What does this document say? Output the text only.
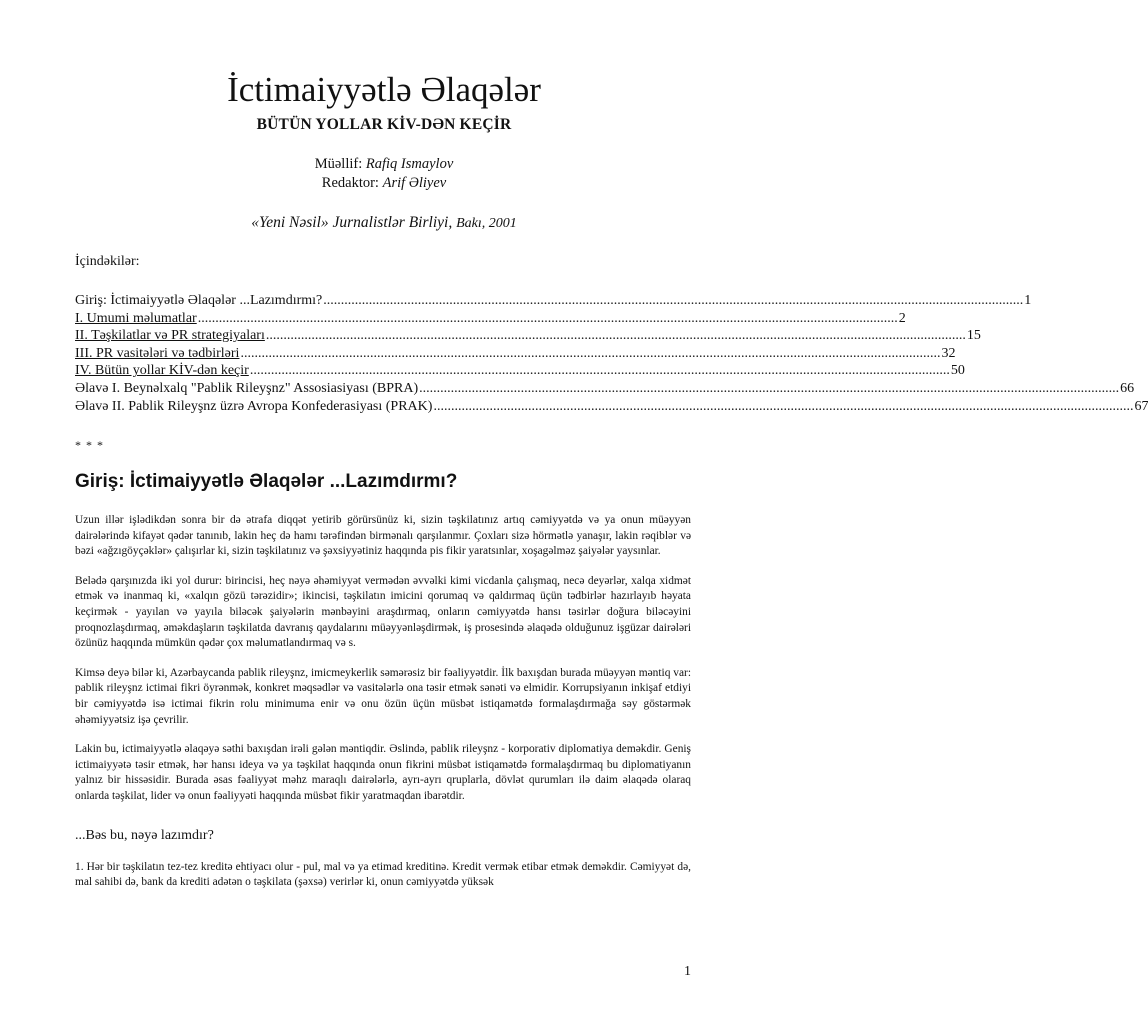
İctimaiyyətlə Əlaqələr
BÜTÜN YOLLAR KİV-DƏN KEÇİR
Müəllif: Rafiq Ismaylov
Redaktor: Arif Əliyev
«Yeni Nəsil» Jurnalistlər Birliyi, Bakı, 2001
İçindəkilər:
Giriş: İctimaiyyətlə Əlaqələr ...Lazımdırmı? ........................................................................................................................................................................................................ 1
I. Umumi məlumatlar ........................................................................................................................................................................................................ 2
II. Təşkilatlar və PR strategiyaları ........................................................................................................................................................................................................ 15
III. PR vasitələri və tədbirləri ........................................................................................................................................................................................................ 32
IV. Bütün yollar KİV-dən keçir ........................................................................................................................................................................................................ 50
Əlavə I. Beynəlxalq "Pablik Rileyşnz" Assosiasiyası (BPRA) ........................................................................................................................................................................................................ 66
Əlavə II. Pablik Rileyşnz üzrə Avropa Konfederasiyası (PRAK) ........................................................................................................................................................................................................ 67
* * *
Giriş: İctimaiyyətlə Əlaqələr ...Lazımdırmı?

Uzun illər işlədikdən sonra bir də ətrafa diqqət yetirib görürsünüz ki, sizin təşkilatınız artıq cəmiyyətdə və ya onun müəyyən dairələrində kifayət qədər tanınıb, lakin heç də hamı tərəfindən birmənalı qarşılanmır. Çoxları sizə hörmətlə yanaşır, lakin rəqiblər və bəzi «ağzıgöyçəklər» çalışırlar ki, sizin təşkilatınız və şəxsiyyətiniz haqqında pis fikir yaratsınlar, xoşagəlməz şaiyələr yaysınlar.

Belədə qarşınızda iki yol durur: birincisi, heç nəyə əhəmiyyət vermədən əvvəlki kimi vicdanla çalışmaq, necə deyərlər, xalqa xidmət etmək və inanmaq ki, «xalqın gözü tərəzidir»; ikincisi, təşkilatın imicini qorumaq və qaldırmaq üçün tədbirlər hazırlayıb həyata keçirmək - yayılan və yayıla biləcək şaiyələrin mənbəyini araşdırmaq, onların cəmiyyətdə hansı təsirlər doğura biləcəyini proqnozlaşdırmaq, əməkdaşların təşkilatda davranış qaydalarını müəyyənləşdirmək, iş prosesində əlaqədə olduğunuz işgüzar dairələri özünüz haqqında mümkün qədər çox məlumatlandırmaq və s.

Kimsə deyə bilər ki, Azərbaycanda pablik rileyşnz, imicmeykerlik səmərəsiz bir fəaliyyətdir. İlk baxışdan burada müəyyən məntiq var: pablik rileyşnz ictimai fikri öyrənmək, konkret məqsədlər və vasitələrlə ona təsir etmək sənəti və elmidir. Korrupsiyanın inkişaf etdiyi bir cəmiyyətdə isə ictimai fikrin rolu minimuma enir və onu özün üçün müsbət istiqamətdə formalaşdırmağa səy göstərmək əhəmiyyətsiz işə çevrilir.

Lakin bu, ictimaiyyətlə əlaqəyə səthi baxışdan irəli gələn məntiqdir. Əslində, pablik rileyşnz - korporativ diplomatiya deməkdir. Geniş ictimaiyyətə təsir etmək, hər hansı ideya və ya təşkilat haqqında onun fikrini müsbət istiqamətdə formalaşdırmaq bu diplomatiyanın yalnız bir hissəsidir. Burada əsas fəaliyyət məhz maraqlı dairələrlə, ayrı-ayrı qruplarla, dövlət qurumları ilə daim əlaqədə olaraq onlarda təşkilat, lider və onun fəaliyyəti haqqında müsbət fikir yaratmaqdan ibarətdir.

...Bəs bu, nəyə lazımdır?

1. Hər bir təşkilatın tez-tez kreditə ehtiyacı olur - pul, mal və ya etimad kreditinə. Kredit vermək etibar etmək deməkdir. Cəmiyyət də, mal sahibi də, bank da krediti adətən o təşkilata (şəxsə) verirlər ki, onun cəmiyyətdə yüksək

1
